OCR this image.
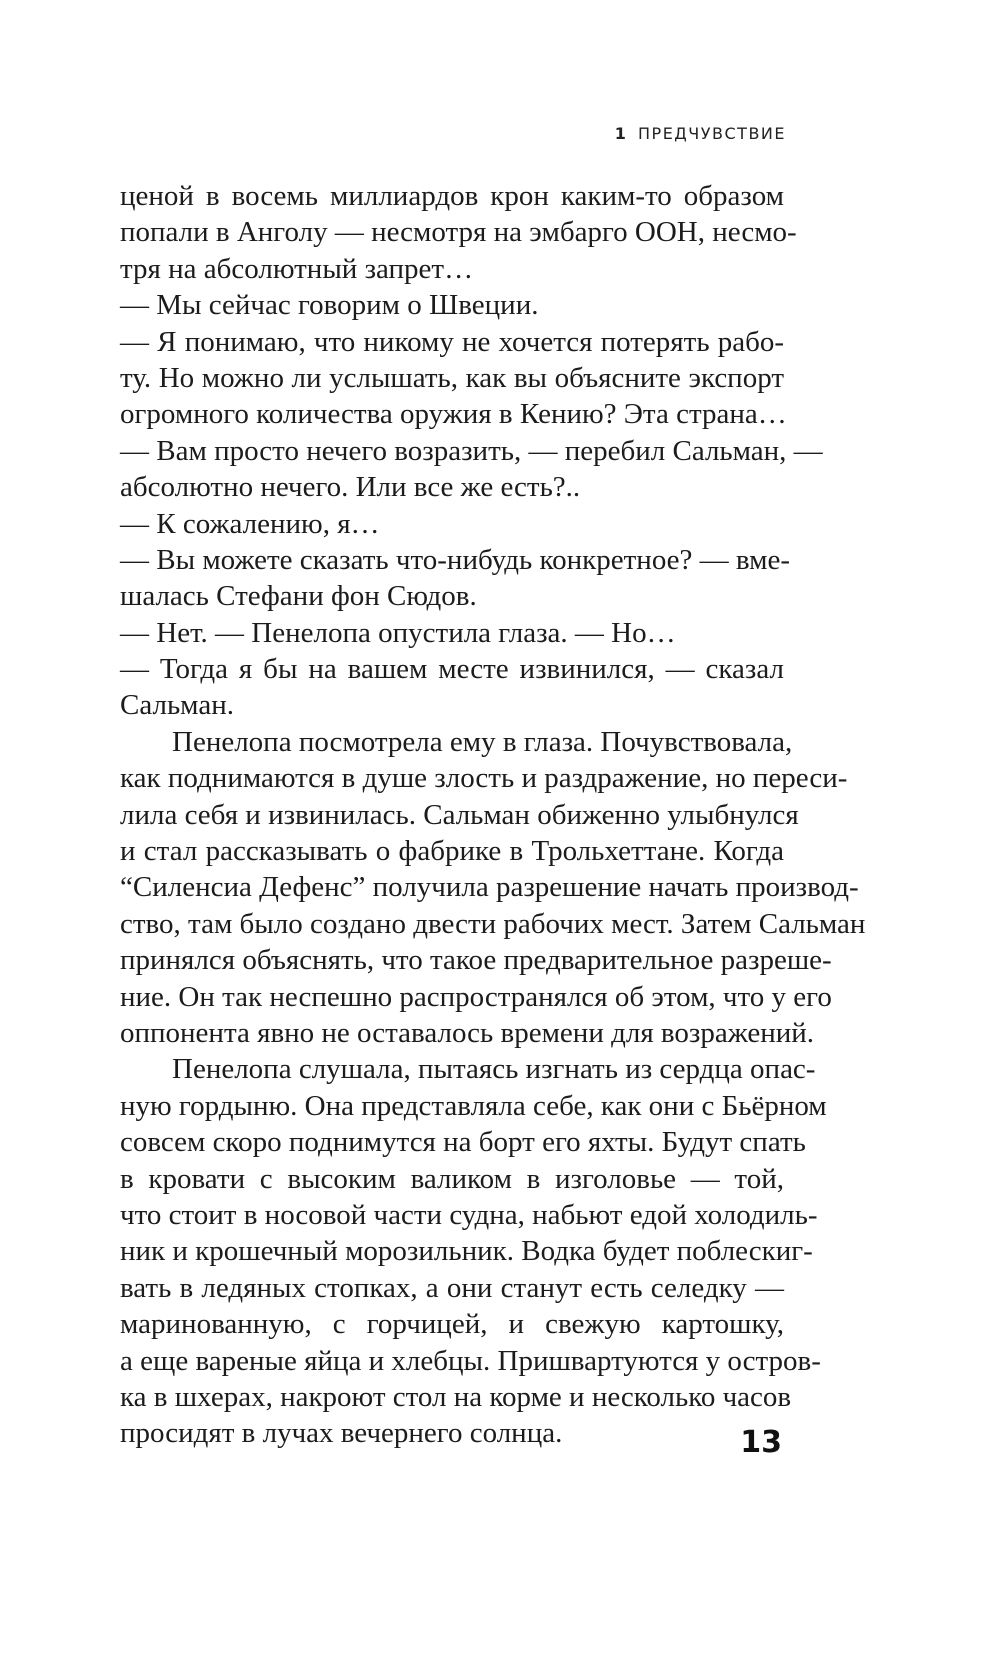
1 ПРЕДЧУВСТВИЕ
ценой в восемь миллиардов крон каким-то образом
попали в Анголу — несмотря на эмбарго ООН, несмо-
тря на абсолютный запрет…
— Мы сейчас говорим о Швеции.
— Я понимаю, что никому не хочется потерять рабо-
ту. Но можно ли услышать, как вы объясните экспорт
огромного количества оружия в Кению? Эта страна…
— Вам просто нечего возразить, — перебил Сальман, —
абсолютно нечего. Или все же есть?..
— К сожалению, я…
— Вы можете сказать что-нибудь конкретное? — вме-
шалась Стефани фон Сюдов.
— Нет. — Пенелопа опустила глаза. — Но…
— Тогда я бы на вашем месте извинился, — сказал
Сальман.
Пенелопа посмотрела ему в глаза. Почувствовала,
как поднимаются в душе злость и раздражение, но переси-
лила себя и извинилась. Сальман обиженно улыбнулся
и стал рассказывать о фабрике в Трольхеттане. Когда
“Силенсиа Дефенс” получила разрешение начать производ-
ство, там было создано двести рабочих мест. Затем Сальман
принялся объяснять, что такое предварительное разреше-
ние. Он так неспешно распространялся об этом, что у его
оппонента явно не оставалось времени для возражений.
Пенелопа слушала, пытаясь изгнать из сердца опас-
ную гордыню. Она представляла себе, как они с Бьёрном
совсем скоро поднимутся на борт его яхты. Будут спать
в кровати с высоким валиком в изголовье — той,
что стоит в носовой части судна, набьют едой холодиль-
ник и крошечный морозильник. Водка будет поблескиг-
вать в ледяных стопках, а они станут есть селедку —
маринованную, с горчицей, и свежую картошку,
а еще вареные яйца и хлебцы. Пришвартуются у остров-
ка в шхерах, накроют стол на корме и несколько часов
просидят в лучах вечернего солнца.	13
